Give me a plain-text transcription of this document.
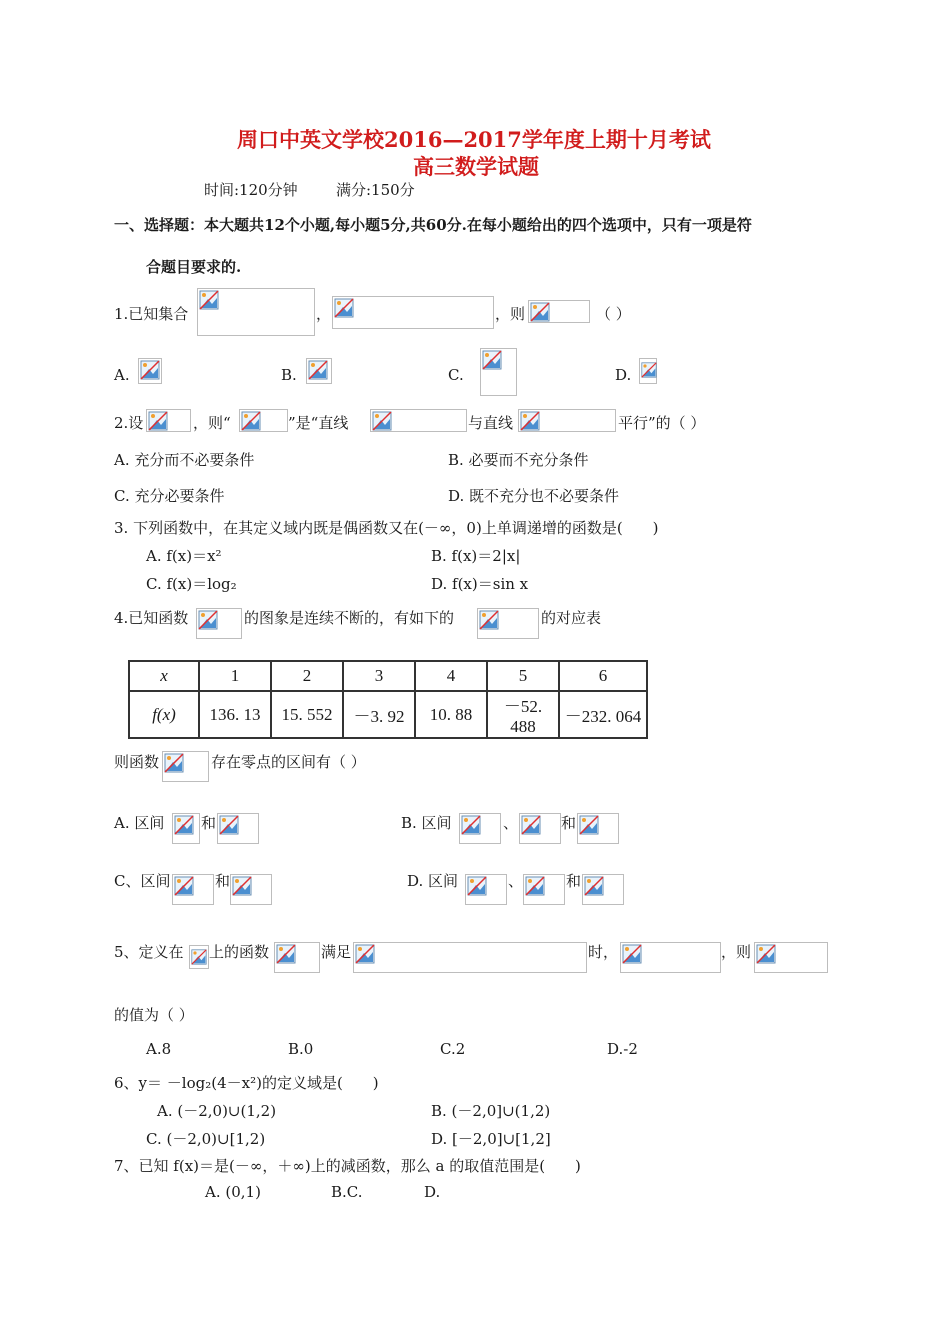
周口中英文学校2016—2017学年度上期十月考试
高三数学试题
时间:120分钟	满分:150分
一、选择题：本大题共12个小题,每小题5分,共60分.在每小题给出的四个选项中，只有一项是符
合题目要求的.
1.已知集合	，	，则	（ ）
A.	B.	C.	D.
2.设	，则“	”是“直线	与直线	平行”的（ ）
A. 充分而不必要条件	B. 必要而不充分条件
C. 充分必要条件	D. 既不充分也不必要条件
3. 下列函数中，在其定义域内既是偶函数又在(－∞，0)上单调递增的函数是(　　)
A. f(x)＝x²	B. f(x)＝2|x|
C. f(x)＝log₂	D. f(x)＝sin x
4.已知函数	的图象是连续不断的，有如下的	的对应表
x	1	2	3	4	5	6
f(x)	136. 13	15. 552	－3. 92	10. 88	－52. 488	－232. 064
则函数	存在零点的区间有（ ）
A. 区间 和	B. 区间	、	和
C、区间	和	D. 区间	、	和
5、定义在 上的函数	满足	时，	，则
的值为（ ）
A.8	B.0	C.2	D.-2
6、y＝ －log₂(4－x²)的定义域是(　　)
A. (－2,0)∪(1,2)	B. (－2,0]∪(1,2)
C. (－2,0)∪[1,2)	D. [－2,0]∪[1,2]
7、已知 f(x)＝是(－∞，＋∞)上的减函数，那么 a 的取值范围是(　　)
A. (0,1)	B.C.	D.
